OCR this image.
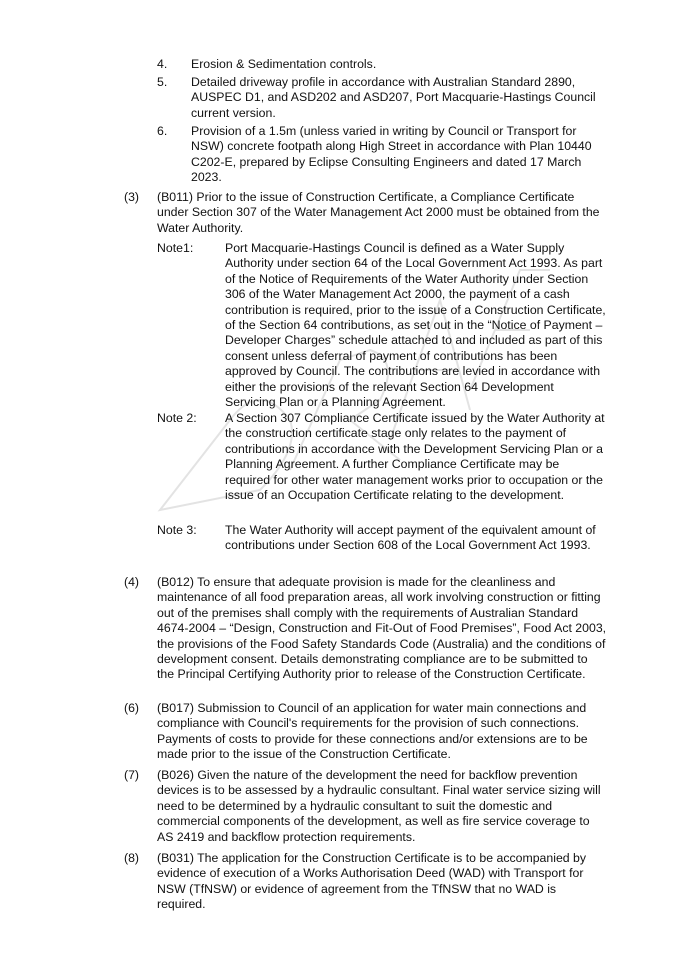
4. Erosion & Sedimentation controls.
5. Detailed driveway profile in accordance with Australian Standard 2890, AUSPEC D1, and ASD202 and ASD207, Port Macquarie-Hastings Council current version.
6. Provision of a 1.5m (unless varied in writing by Council or Transport for NSW) concrete footpath along High Street in accordance with Plan 10440 C202-E, prepared by Eclipse Consulting Engineers and dated 17 March 2023.
(3) (B011) Prior to the issue of Construction Certificate, a Compliance Certificate under Section 307 of the Water Management Act 2000 must be obtained from the Water Authority.
Note1:	Port Macquarie-Hastings Council is defined as a Water Supply Authority under section 64 of the Local Government Act 1993. As part of the Notice of Requirements of the Water Authority under Section 306 of the Water Management Act 2000, the payment of a cash contribution is required, prior to the issue of a Construction Certificate, of the Section 64 contributions, as set out in the “Notice of Payment – Developer Charges” schedule attached to and included as part of this consent unless deferral of payment of contributions has been approved by Council. The contributions are levied in accordance with either the provisions of the relevant Section 64 Development Servicing Plan or a Planning Agreement.
Note 2: A Section 307 Compliance Certificate issued by the Water Authority at the construction certificate stage only relates to the payment of contributions in accordance with the Development Servicing Plan or a Planning Agreement. A further Compliance Certificate may be required for other water management works prior to occupation or the issue of an Occupation Certificate relating to the development.
Note 3: The Water Authority will accept payment of the equivalent amount of contributions under Section 608 of the Local Government Act 1993.
(4) (B012) To ensure that adequate provision is made for the cleanliness and maintenance of all food preparation areas, all work involving construction or fitting out of the premises shall comply with the requirements of Australian Standard 4674-2004 – “Design, Construction and Fit-Out of Food Premises”, Food Act 2003, the provisions of the Food Safety Standards Code (Australia) and the conditions of development consent. Details demonstrating compliance are to be submitted to the Principal Certifying Authority prior to release of the Construction Certificate.
(6) (B017) Submission to Council of an application for water main connections and compliance with Council's requirements for the provision of such connections. Payments of costs to provide for these connections and/or extensions are to be made prior to the issue of the Construction Certificate.
(7) (B026) Given the nature of the development the need for backflow prevention devices is to be assessed by a hydraulic consultant. Final water service sizing will need to be determined by a hydraulic consultant to suit the domestic and commercial components of the development, as well as fire service coverage to AS 2419 and backflow protection requirements.
(8) (B031) The application for the Construction Certificate is to be accompanied by evidence of execution of a Works Authorisation Deed (WAD) with Transport for NSW (TfNSW) or evidence of agreement from the TfNSW that no WAD is required.
